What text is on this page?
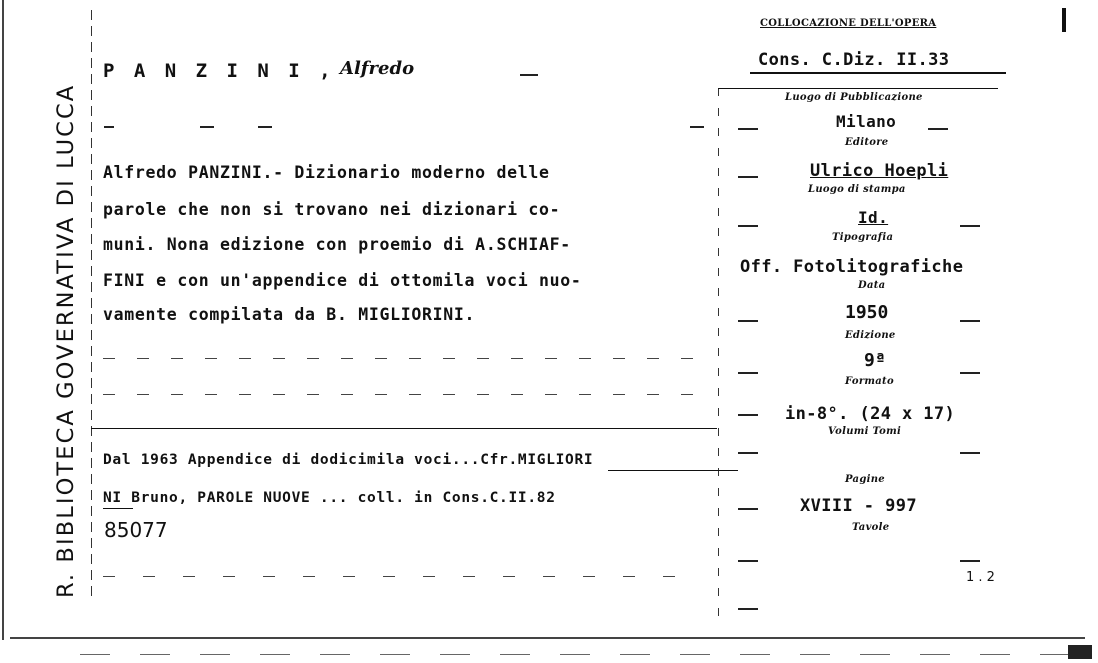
R. BIBLIOTECA GOVERNATIVA DI LUCCA
P A N Z I N I , Alfredo
COLLOCAZIONE DELL'OPERA
Cons. C.Diz. II.33
Alfredo PANZINI.- Dizionario moderno delle
parole che non si trovano nei dizionari co-
muni. Nona edizione con proemio di A.SCHIAF-
FINI e con un'appendice di ottomila voci nuo-
vamente compilata da B. MIGLIORINI.
Dal 1963 Appendice di dodicimila voci...Cfr.MIGLIORI
NI Bruno, PAROLE NUOVE ... coll. in Cons.C.II.82
85077
Luogo di Pubblicazione
Milano
Editore
Ulrico Hoepli
Luogo di stampa
Id.
Tipografia
Off. Fotolitografiche
Data
1950
Edizione
9ª
Formato
in-8°. (24 x 17)
Volumi Tomi
Pagine
XVIII - 997
Tavole
1 . 2
